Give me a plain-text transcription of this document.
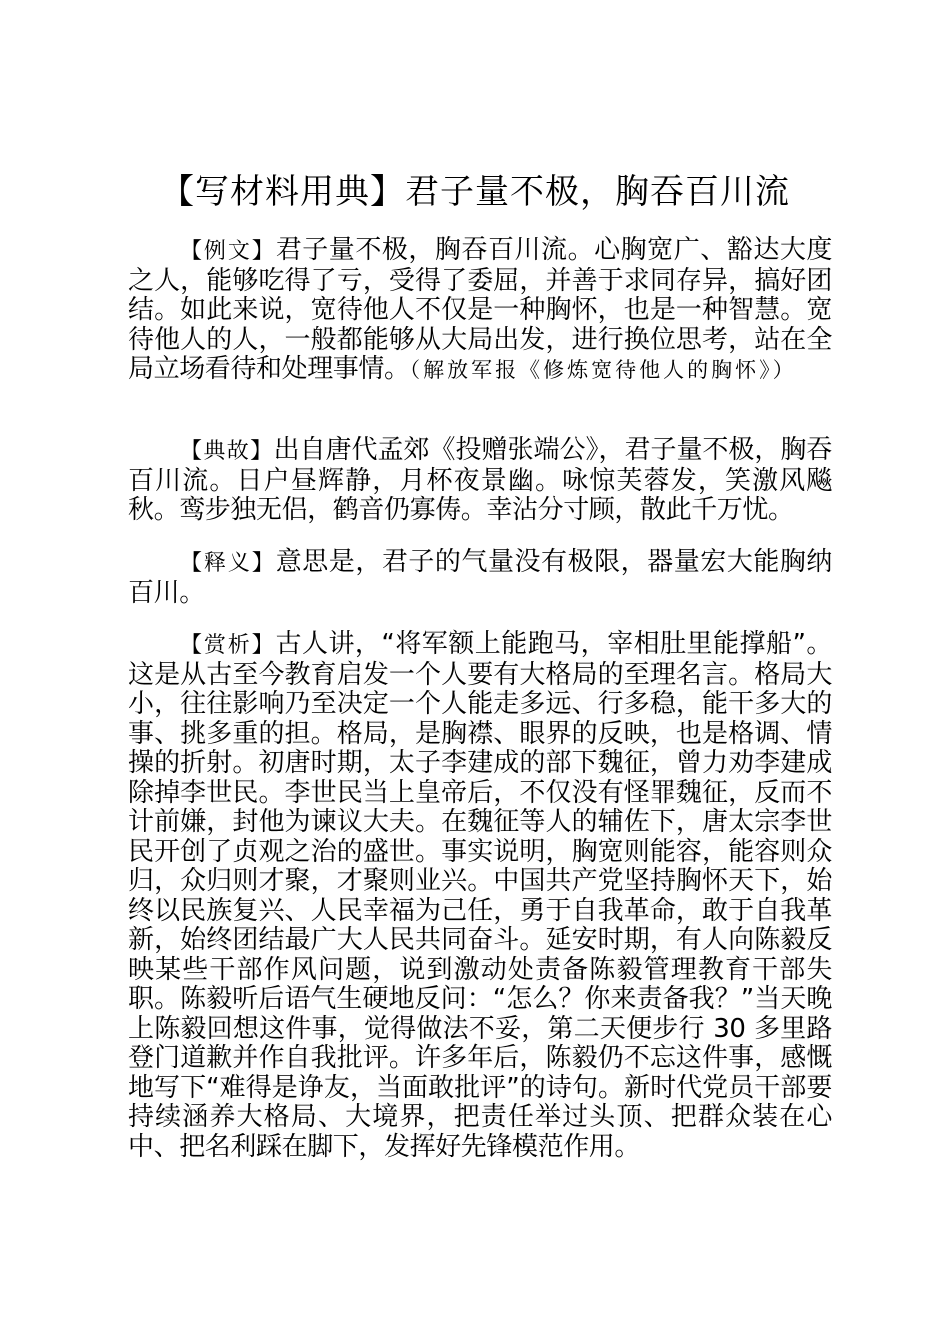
【写材料用典】君子量不极，胸吞百川流

【例文】君子量不极，胸吞百川流。心胸宽广、豁达大度之人，能够吃得了亏，受得了委屈，并善于求同存异，搞好团结。如此来说，宽待他人不仅是一种胸怀，也是一种智慧。宽待他人的人，一般都能够从大局出发，进行换位思考，站在全局立场看待和处理事情。（解放军报《修炼宽待他人的胸怀》）

【典故】出自唐代孟郊《投赠张端公》，君子量不极，胸吞百川流。日户昼辉静，月杯夜景幽。咏惊芙蓉发，笑激风飚秋。鸾步独无侣，鹤音仍寡俦。幸沾分寸顾，散此千万忧。

【释义】意思是，君子的气量没有极限，器量宏大能胸纳百川。

【赏析】古人讲，“将军额上能跑马，宰相肚里能撑船”。这是从古至今教育启发一个人要有大格局的至理名言。格局大小，往往影响乃至决定一个人能走多远、行多稳，能干多大的事、挑多重的担。格局，是胸襟、眼界的反映，也是格调、情操的折射。初唐时期，太子李建成的部下魏征，曾力劝李建成除掉李世民。李世民当上皇帝后，不仅没有怪罪魏征，反而不计前嫌，封他为谏议大夫。在魏征等人的辅佐下，唐太宗李世民开创了贞观之治的盛世。事实说明，胸宽则能容，能容则众归，众归则才聚，才聚则业兴。中国共产党坚持胸怀天下，始终以民族复兴、人民幸福为己任，勇于自我革命，敢于自我革新，始终团结最广大人民共同奋斗。延安时期，有人向陈毅反映某些干部作风问题，说到激动处责备陈毅管理教育干部失职。陈毅听后语气生硬地反问：“怎么？你来责备我？”当天晚上陈毅回想这件事，觉得做法不妥，第二天便步行 30 多里路登门道歉并作自我批评。许多年后，陈毅仍不忘这件事，感慨地写下“难得是诤友，当面敢批评”的诗句。新时代党员干部要持续涵养大格局、大境界，把责任举过头顶、把群众装在心中、把名利踩在脚下，发挥好先锋模范作用。
